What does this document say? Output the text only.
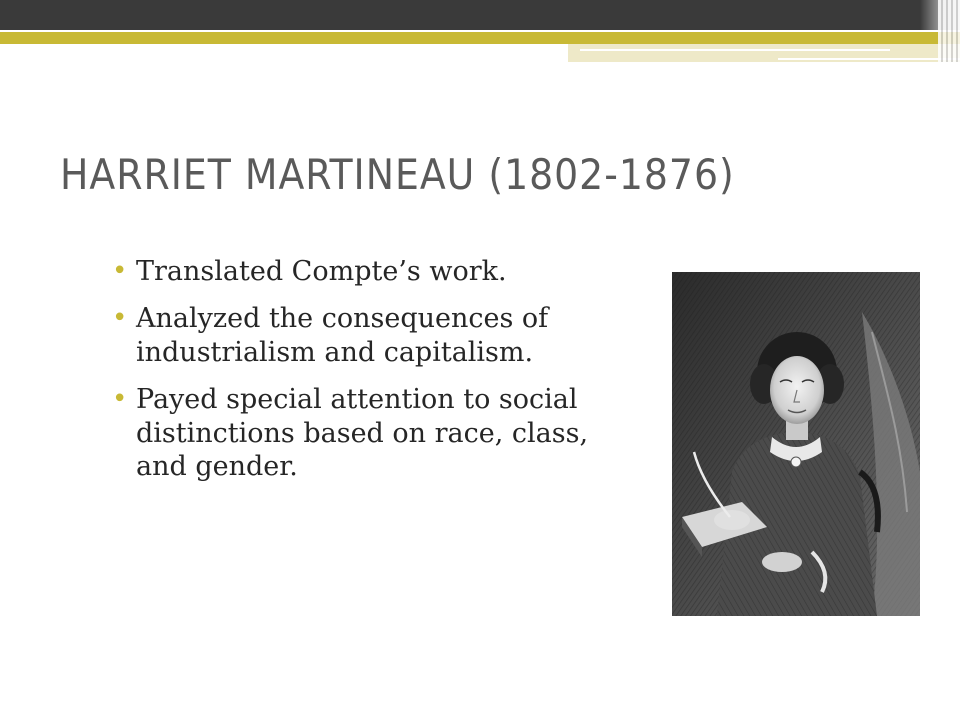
HARRIET MARTINEAU (1802-1876)
• Translated Compte’s work.
• Analyzed the consequences of industrialism and capitalism.
• Payed special attention to social distinctions based on race, class, and gender.
